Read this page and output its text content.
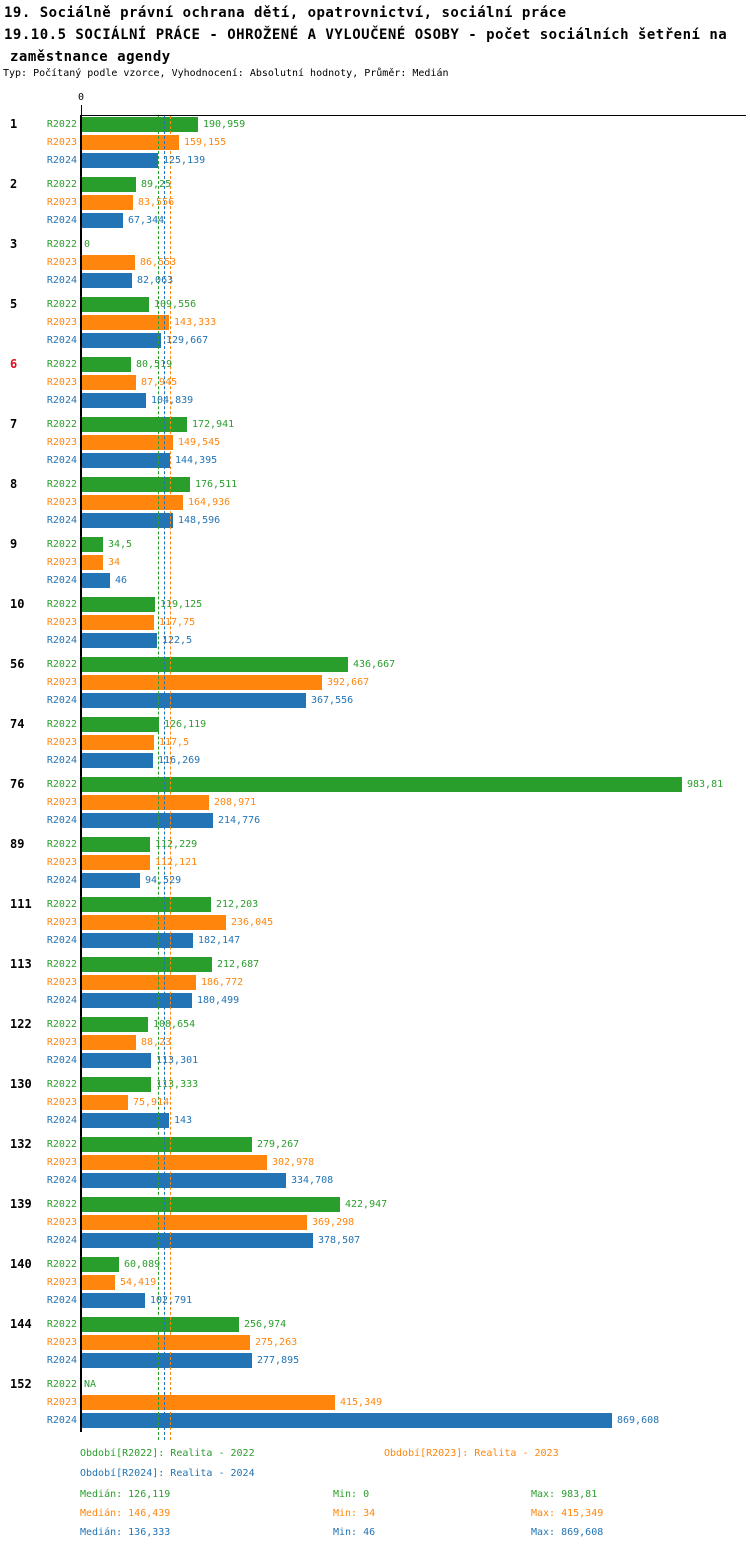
19. Sociálně právní ochrana dětí, opatrovnictví, sociální práce
19.10.5 SOCIÁLNÍ PRÁCE - OHROŽENÉ A VYLOUČENÉ OSOBY - počet sociálních šetření na
zaměstnance agendy
Typ: Počítaný podle vzorce, Vyhodnocení: Absolutní hodnoty, Průměr: Medián
0
1	R2022	190,959
R2023	159,155
R2024	125,139
2	R2022	89,25
R2023	83,556
R2024	67,344
3	R2022 0
R2023	86,553
R2024	82,063
5	R2022	109,556
R2023	143,333
R2024	129,667
6	R2022	80,519
R2023	87,945
R2024	104,839
7	R2022	172,941
R2023	149,545
R2024	144,395
8	R2022	176,511
R2023	164,936
R2024	148,596
9	R2022	34,5
R2023	34
R2024	46
10	R2022	119,125
R2023	117,75
R2024	122,5
56	R2022	436,667
R2023	392,667
R2024	367,556
74	R2022	126,119
R2023	117,5
R2024	116,269
76	R2022	983,81
R2023	208,971
R2024	214,776
89	R2022	112,229
R2023	112,121
R2024	94,529
111	R2022	212,203
R2023	236,045
R2024	182,147
113	R2022	212,687
R2023	186,772
R2024	180,499
122	R2022	108,654
R2023	88,23
R2024	113,301
130	R2022	113,333
R2023	75,914
R2024	143
132	R2022	279,267
R2023	302,978
R2024	334,708
139	R2022	422,947
R2023	369,298
R2024	378,507
140	R2022	60,089
R2023	54,419
R2024	102,791
144	R2022	256,974
R2023	275,263
R2024	277,895
152	R2022 NA
R2023	415,349
R2024	869,608
Období[R2022]: Realita - 2022	Období[R2023]: Realita - 2023
Období[R2024]: Realita - 2024
Medián: 126,119	Min: 0	Max: 983,81
Medián: 146,439	Min: 34	Max: 415,349
Medián: 136,333	Min: 46	Max: 869,608
